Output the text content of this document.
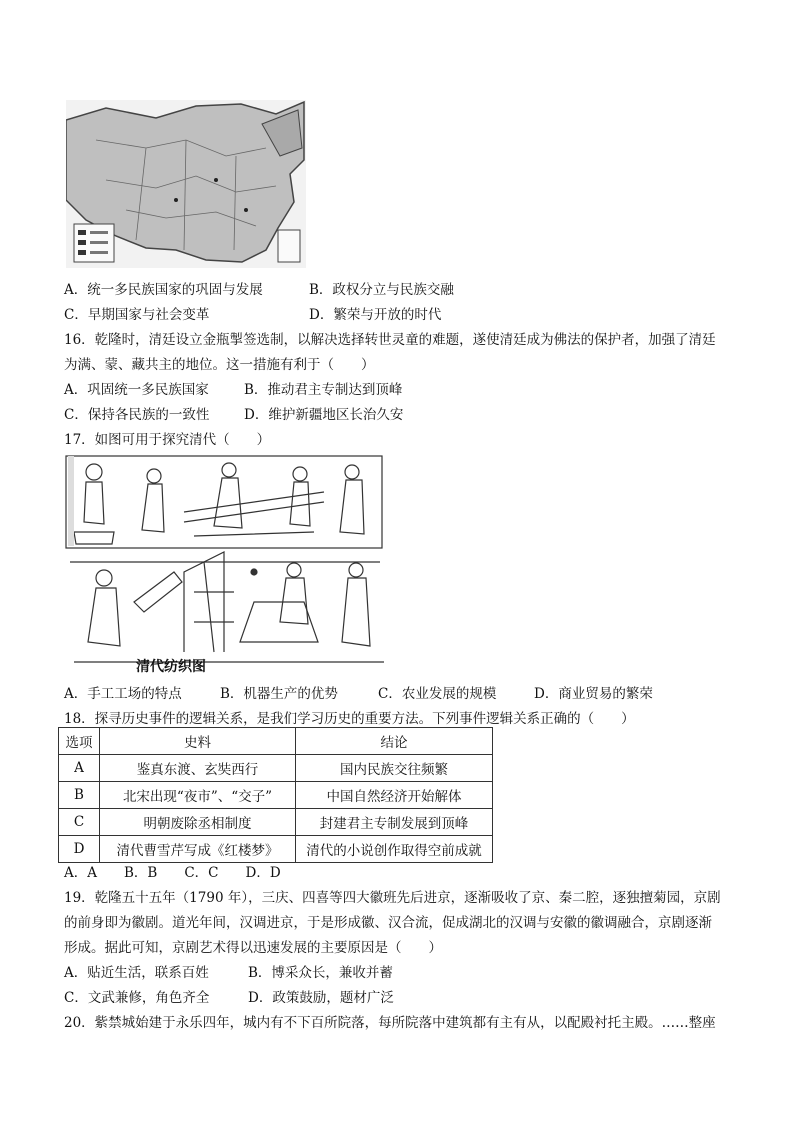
A．统一多民族国家的巩固与发展	B．政权分立与民族交融
C．早期国家与社会变革	D．繁荣与开放的时代
16．乾隆时，清廷设立金瓶掣签选制，以解决选择转世灵童的难题，遂使清廷成为佛法的保护者，加强了清廷
为满、蒙、藏共主的地位。这一措施有利于（　　）
A．巩固统一多民族国家	B．推动君主专制达到顶峰
C．保持各民族的一致性	D．维护新疆地区长治久安
17．如图可用于探究清代（　　）
清代纺织图
A．手工工场的特点	B．机器生产的优势	C．农业发展的规模	D．商业贸易的繁荣
18．探寻历史事件的逻辑关系，是我们学习历史的重要方法。下列事件逻辑关系正确的（　　）
选项	史料	结论
A	鉴真东渡、玄奘西行	国内民族交往频繁
B	北宋出现“夜市”、“交子”	中国自然经济开始解体
C	明朝废除丞相制度	封建君主专制发展到顶峰
D	清代曹雪芹写成《红楼梦》	清代的小说创作取得空前成就
A．A　　B．B　　C．C　　D．D
19．乾隆五十五年（1790 年），三庆、四喜等四大徽班先后进京，逐渐吸收了京、秦二腔，逐独擅菊园，京剧
的前身即为徽剧。道光年间，汉调进京，于是形成徽、汉合流，促成湖北的汉调与安徽的徽调融合，京剧逐渐
形成。据此可知，京剧艺术得以迅速发展的主要原因是（　　）
A．贴近生活，联系百姓	B．博采众长，兼收并蓄
C．文武兼修，角色齐全	D．政策鼓励，题材广泛
20．紫禁城始建于永乐四年，城内有不下百所院落，每所院落中建筑都有主有从，以配殿衬托主殿。……整座
